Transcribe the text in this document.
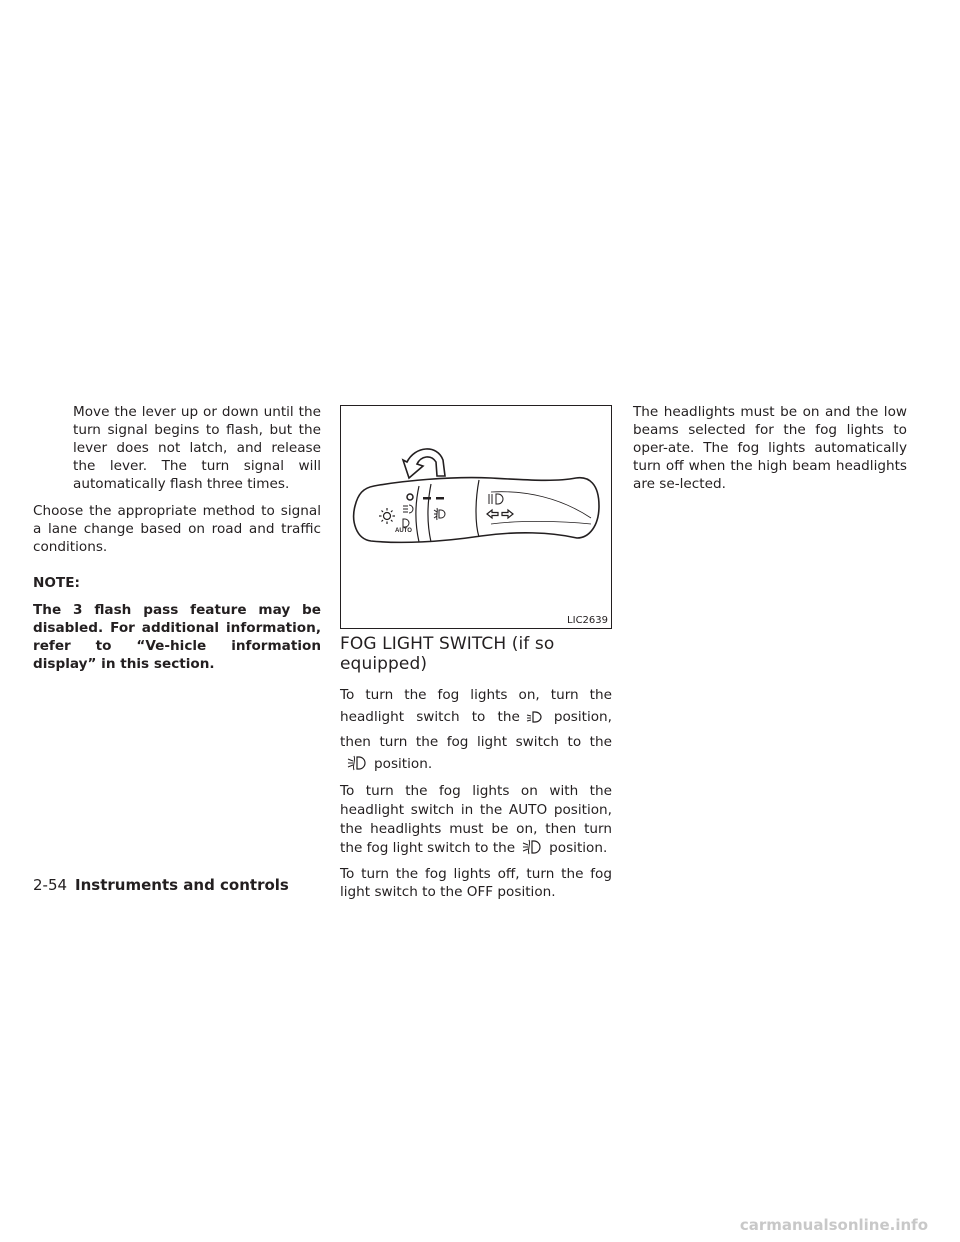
Move the lever up or down until the turn signal begins to flash, but the lever does not latch, and release the lever. The turn signal will automatically flash three times.

Choose the appropriate method to signal a lane change based on road and traffic conditions.

NOTE:

The 3 flash pass feature may be disabled. For additional information, refer to “Ve-hicle information display” in this section.

AUTO
LIC2639
FOG LIGHT SWITCH (if so equipped)

To turn the fog lights on, turn the headlight switch to the	position, then turn the fog light switch to theposition.

To turn the fog lights on with the headlight switch in the AUTO position, the headlights must be on, then turn the fog light switch to the	position.

To turn the fog lights off, turn the fog light switch to the OFF position.

The headlights must be on and the low beams selected for the fog lights to oper-ate. The fog lights automatically turn off when the high beam headlights are se-lected.

2-54 Instruments and controls
carmanualsonline.info
